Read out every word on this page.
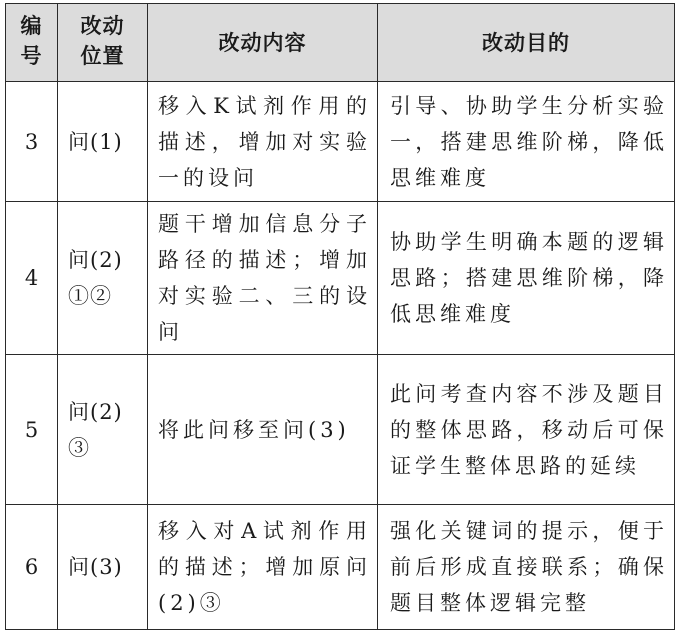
编号	改动位置	改动内容	改动目的
3	问(1)	移入K试剂作用的描述，增加对实验一的设问	引导、协助学生分析实验一，搭建思维阶梯，降低思维难度

4	问(2)①②	题干增加信息分子路径的描述；增加对实验二、三的设问	协助学生明确本题的逻辑思路；搭建思维阶梯，降低思维难度

5	问(2)③	将此问移至问(3)	此问考查内容不涉及题目的整体思路，移动后可保证学生整体思路的延续

6	问(3)	移入对A试剂作用的描述；增加原问(2)③	强化关键词的提示，便于前后形成直接联系；确保题目整体逻辑完整
